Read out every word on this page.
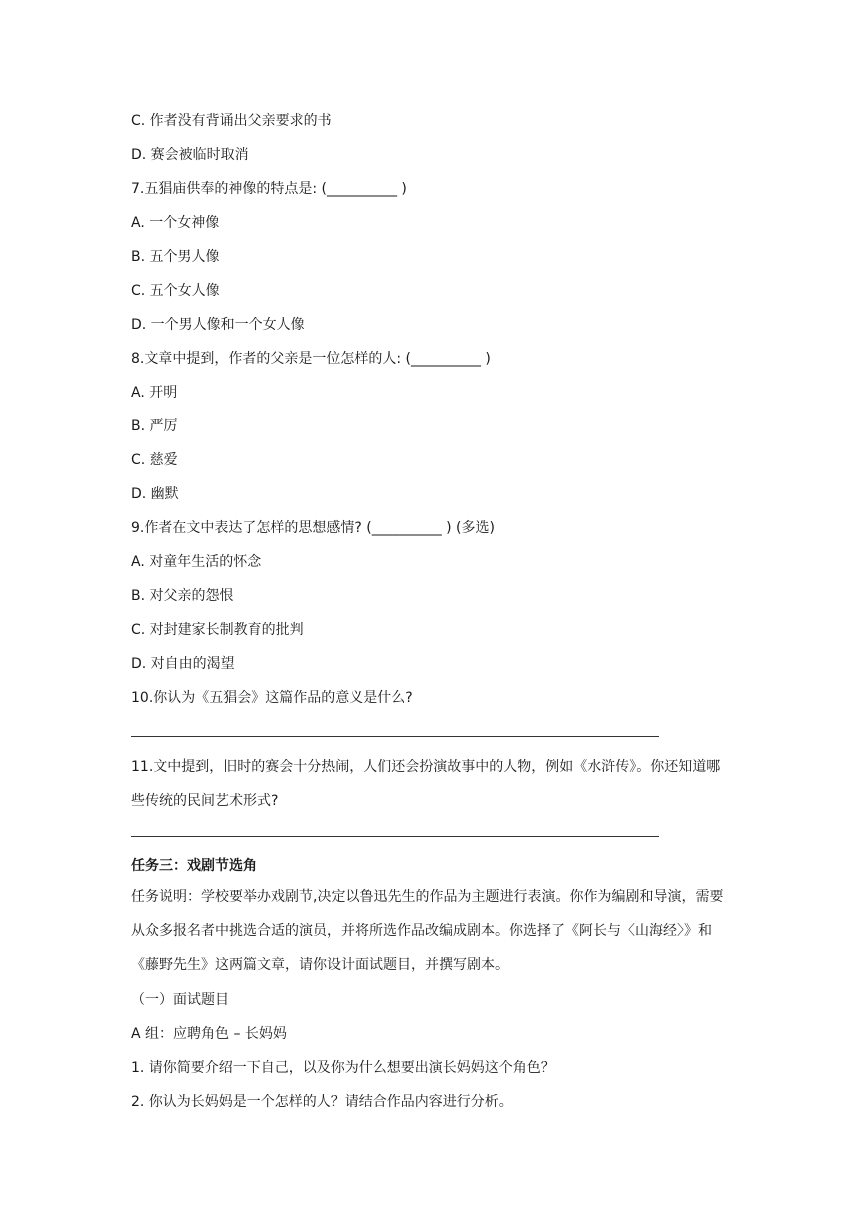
C. 作者没有背诵出父亲要求的书
D. 赛会被临时取消
7.五猖庙供奉的神像的特点是: (__________ )
A. 一个女神像
B. 五个男人像
C. 五个女人像
D. 一个男人像和一个女人像
8.文章中提到，作者的父亲是一位怎样的人: (__________ )
A. 开明
B. 严厉
C. 慈爱
D. 幽默
9.作者在文中表达了怎样的思想感情? (__________ ) (多选)
A. 对童年生活的怀念
B. 对父亲的怨恨
C. 对封建家长制教育的批判
D. 对自由的渴望
10.你认为《五猖会》这篇作品的意义是什么?
11.文中提到，旧时的赛会十分热闹，人们还会扮演故事中的人物，例如《水浒传》。你还知道哪些传统的民间艺术形式?
任务三：戏剧节选角
任务说明：学校要举办戏剧节,决定以鲁迅先生的作品为主题进行表演。你作为编剧和导演，需要从众多报名者中挑选合适的演员，并将所选作品改编成剧本。你选择了《阿长与〈山海经〉》和《藤野先生》这两篇文章，请你设计面试题目，并撰写剧本。
（一）面试题目
A 组：应聘角色 – 长妈妈
1. 请你简要介绍一下自己，以及你为什么想要出演长妈妈这个角色？
2. 你认为长妈妈是一个怎样的人？请结合作品内容进行分析。
